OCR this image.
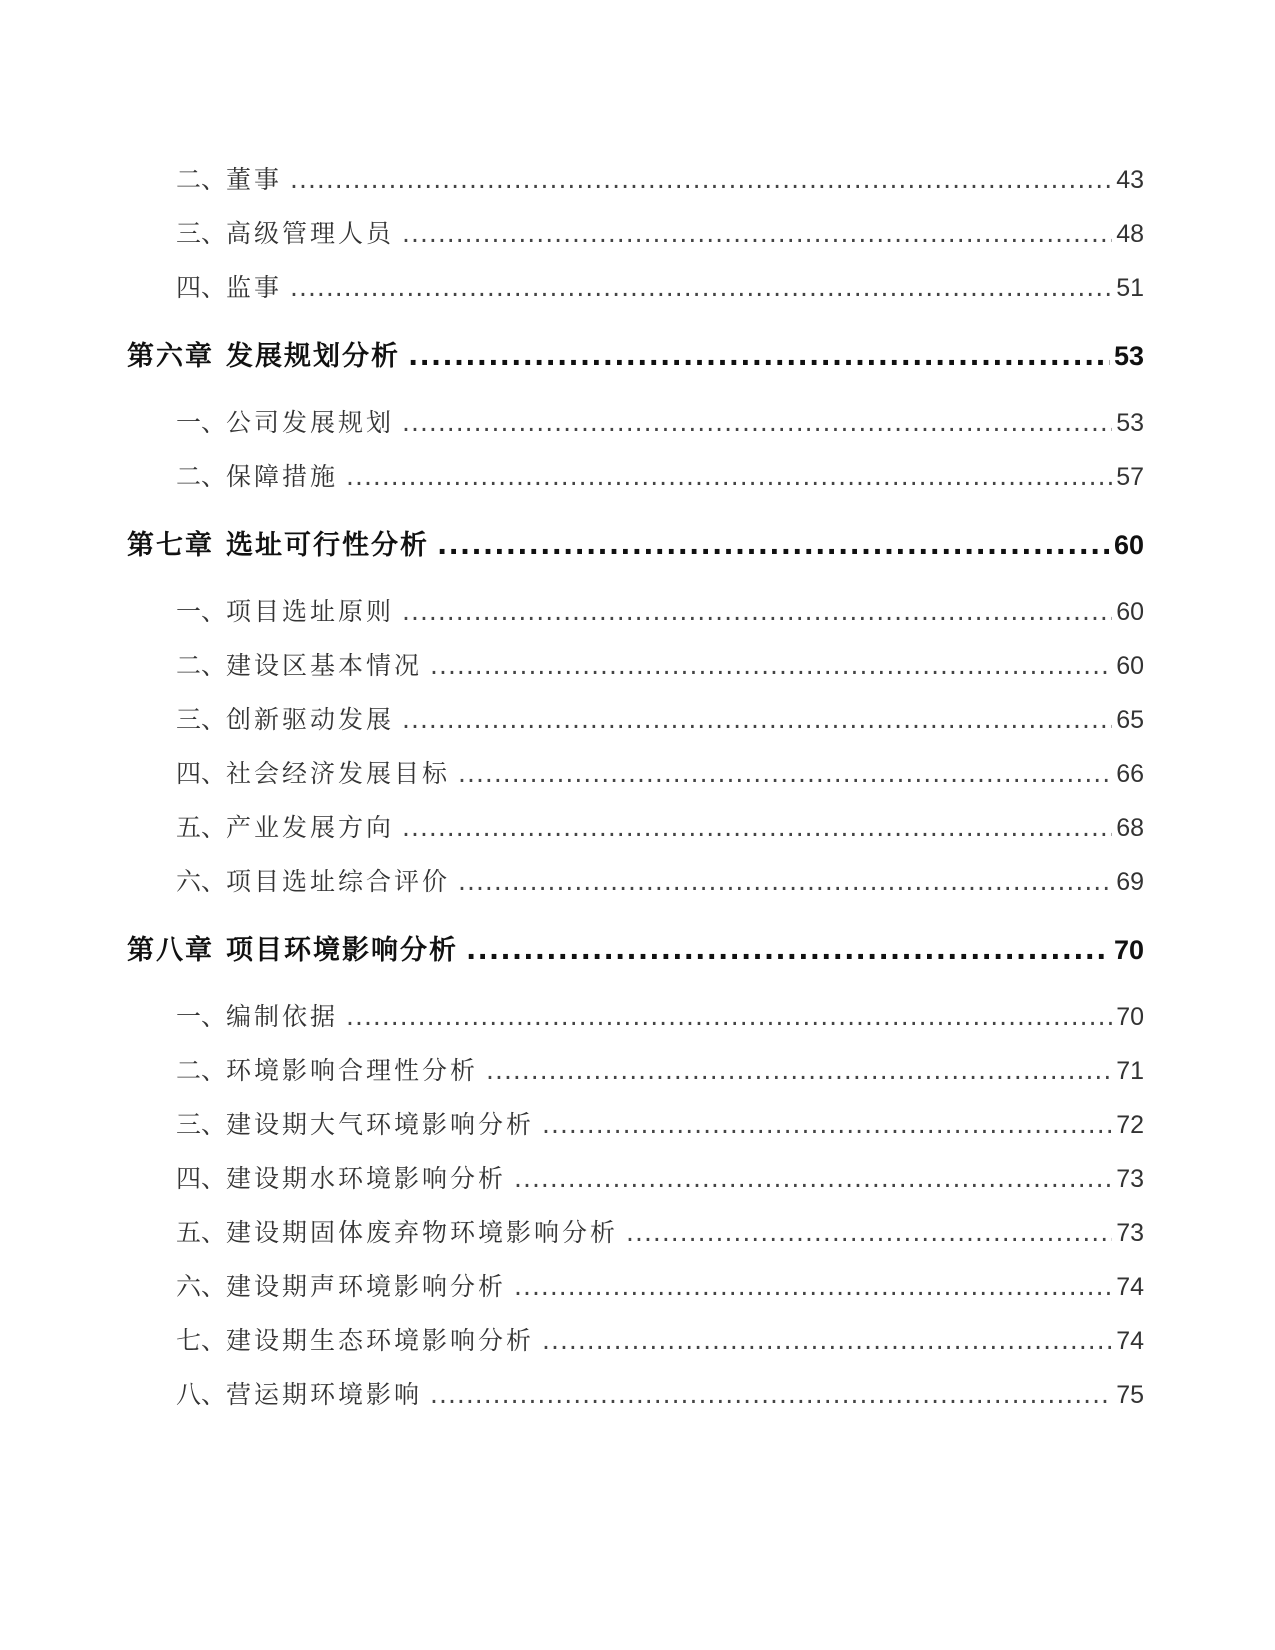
二、 董事 .....	43
三、 高级管理人员 .....	48
四、 监事 .....	51
第六章 发展规划分析 .....	53
一、 公司发展规划 .....	53
二、 保障措施 .....	57
第七章 选址可行性分析 .....	60
一、 项目选址原则 .....	60
二、 建设区基本情况 .....	60
三、 创新驱动发展 .....	65
四、 社会经济发展目标 .....	66
五、 产业发展方向 .....	68
六、 项目选址综合评价 .....	69
第八章 项目环境影响分析 .....	70
一、 编制依据 .....	70
二、 环境影响合理性分析 .....	71
三、 建设期大气环境影响分析 .....	72
四、 建设期水环境影响分析 .....	73
五、 建设期固体废弃物环境影响分析 .....	73
六、 建设期声环境影响分析 .....	74
七、 建设期生态环境影响分析 .....	74
八、 营运期环境影响 .....	75
